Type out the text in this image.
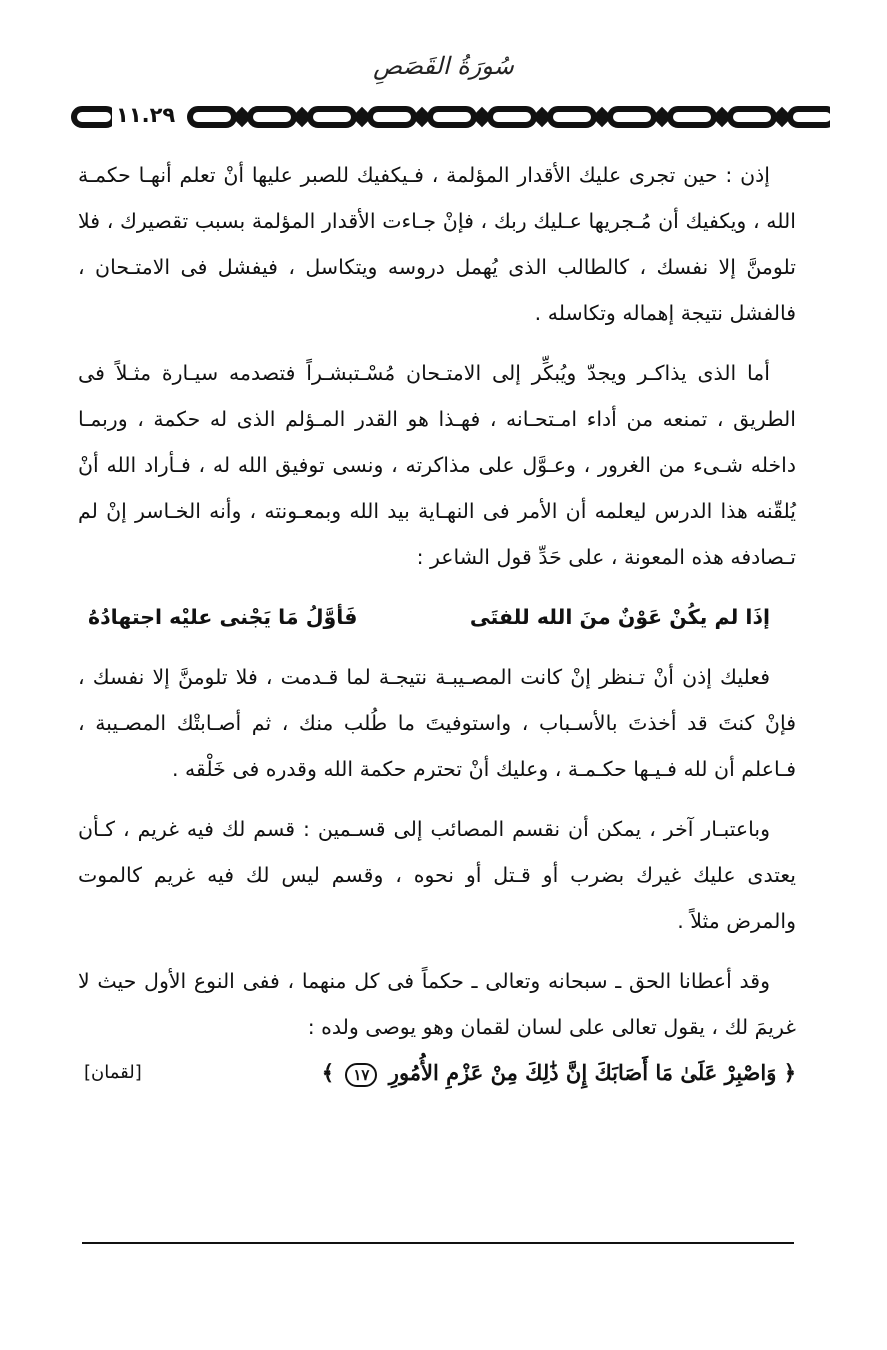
سُورَةُ القَصَصِ
١١.٢٩

إذن : حين تجرى عليك الأقدار المؤلمة ، فـيكفيك للصبر عليها أنْ تعلم أنهـا حكمـة الله ، ويكفيك أن مُـجريها عـليك ربك ، فإنْ جـاءت الأقدار المؤلمة بسبب تقصيرك ، فلا تلومنَّ إلا نفسك ، كالطالب الذى يُهمل دروسه ويتكاسل ، فيفشل فى الامتـحان ، فالفشل نتيجة إهماله وتكاسله .

أما الذى يذاكـر ويجدّ ويُبكِّر إلى الامتـحان مُسْـتبشـراً فتصدمه سيـارة مثـلاً فى الطريق ، تمنعه من أداء امـتحـانه ، فهـذا هو القدر المـؤلم الذى له حكمة ، وربمـا داخله شـىء من الغرور ، وعـوَّل على مذاكرته ، ونسى توفيق الله له ، فـأراد الله أنْ يُلقّنه هذا الدرس ليعلمه أن الأمر فى النهـاية بيد الله وبمعـونته ، وأنه الخـاسر إنْ لم تـصادفه هذه المعونة ، على حَدِّ قول الشاعر :

إذَا لم يكُنْ عَوْنٌ منَ الله للفتَى
فَأوَّلُ مَا يَجْنى عليْه اجتهادُهُ

فعليك إذن أنْ تـنظر إنْ كانت المصـيبـة نتيجـة لما قـدمت ، فلا تلومنَّ إلا نفسك ، فإنْ كنتَ قد أخذتَ بالأسـباب ، واستوفيتَ ما طُلب منك ، ثم أصـابتْك المصـيبة ، فـاعلم أن لله فـيـها حكـمـة ، وعليك أنْ تحترم حكمة الله وقدره فى خَلْقه .

وباعتبـار آخر ، يمكن أن نقسم المصائب إلى قسـمين : قسم لك فيه غريم ، كـأن يعتدى عليك غيرك بضرب أو قـتل أو نحوه ، وقسم ليس لك فيه غريم كالموت والمرض مثلاً .

وقد أعطانا الحق ـ سبحانه وتعالى ـ حكماً فى كل منهما ، ففى النوع الأول حيث لا غريمَ لك ، يقول تعالى على لسان لقمان وهو يوصى ولده :

﴿ وَاصْبِرْ عَلَىٰ مَا أَصَابَكَ إِنَّ ذَٰلِكَ مِنْ عَزْمِ الأُمُورِ ١٧ ﴾
[لقمان]
